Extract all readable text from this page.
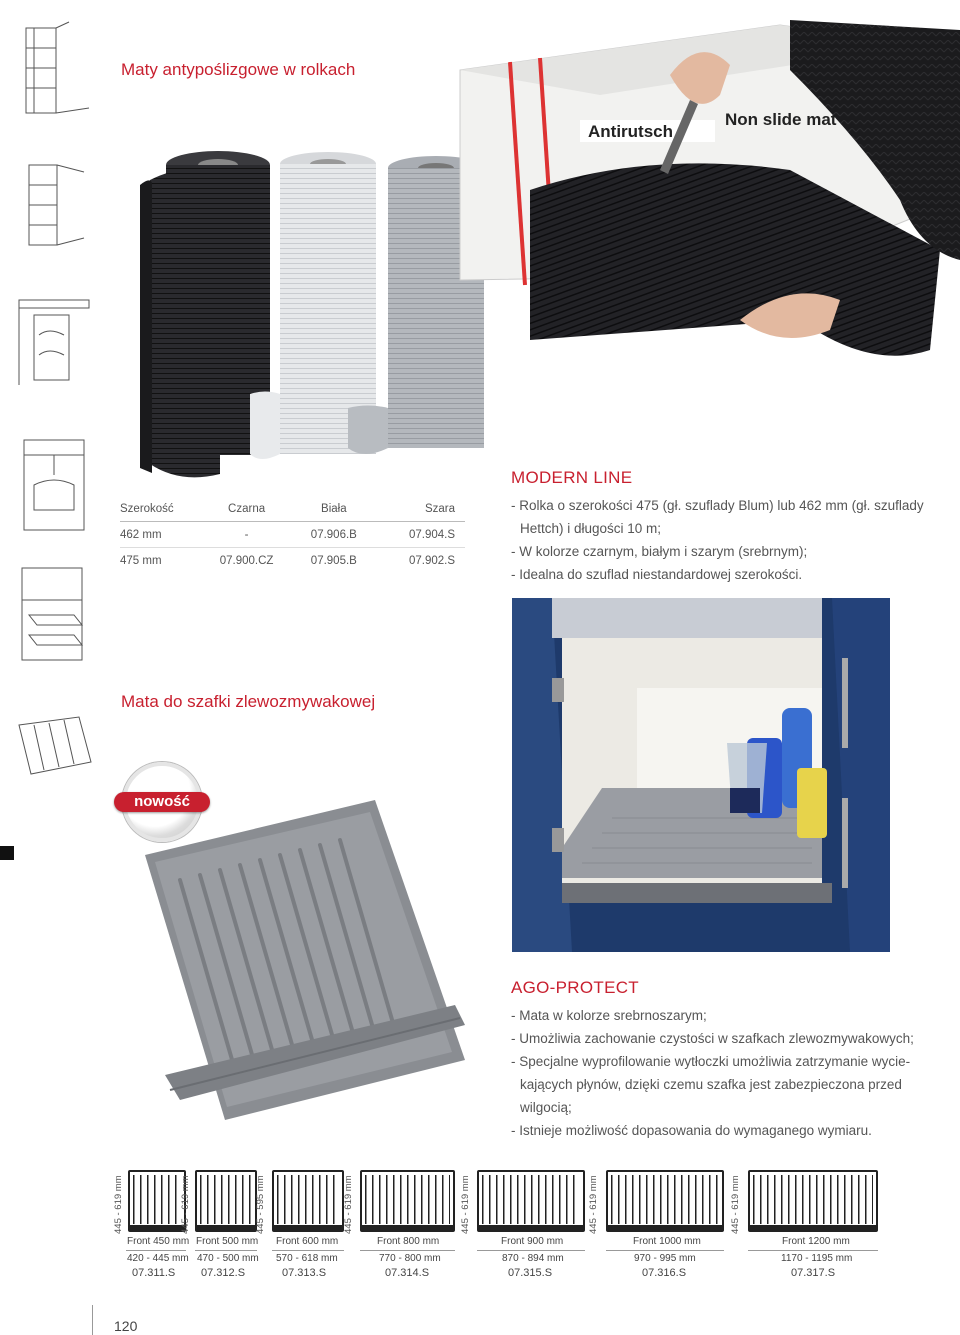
Maty antypoślizgowe w rolkach
Antirutsch
Non slide mat
Szerokość	Czarna	Biała	Szara

462 mm	-	07.906.B	07.904.S

475 mm	07.900.CZ	07.905.B	07.902.S
MODERN LINE
- Rolka o szerokości 475 (gł. szuflady Blum) lub 462 mm (gł. szuflady
Hettch) i długości 10 m;
- W kolorze czarnym, białym i szarym (srebrnym);
- Idealna do szuflad niestandardowej szerokości.
Mata do szafki zlewozmywakowej
nowość
AGO-PROTECT
- Mata w kolorze srebrnoszarym;
- Umożliwia zachowanie czystości w szafkach zlewozmywakowych;
- Specjalne wyprofilowanie wytłoczki umożliwia zatrzymanie wycie-
kających płynów, dzięki czemu szafka jest zabezpieczona przed
wilgocią;
- Istnieje możliwość dopasowania do wymaganego wymiaru.
445 - 619 mm
Front 450 mm
420 - 445 mm
07.311.S
445 - 619 mm
Front 500 mm
470 - 500 mm
07.312.S
445 - 595 mm
Front 600 mm
570 - 618 mm
07.313.S
445 - 619 mm
Front 800 mm
770 - 800 mm
07.314.S
445 - 619 mm
Front 900 mm
870 - 894 mm
07.315.S
445 - 619 mm
Front 1000 mm
970 - 995 mm
07.316.S
445 - 619 mm
Front 1200 mm
1170 - 1195 mm
07.317.S
120
